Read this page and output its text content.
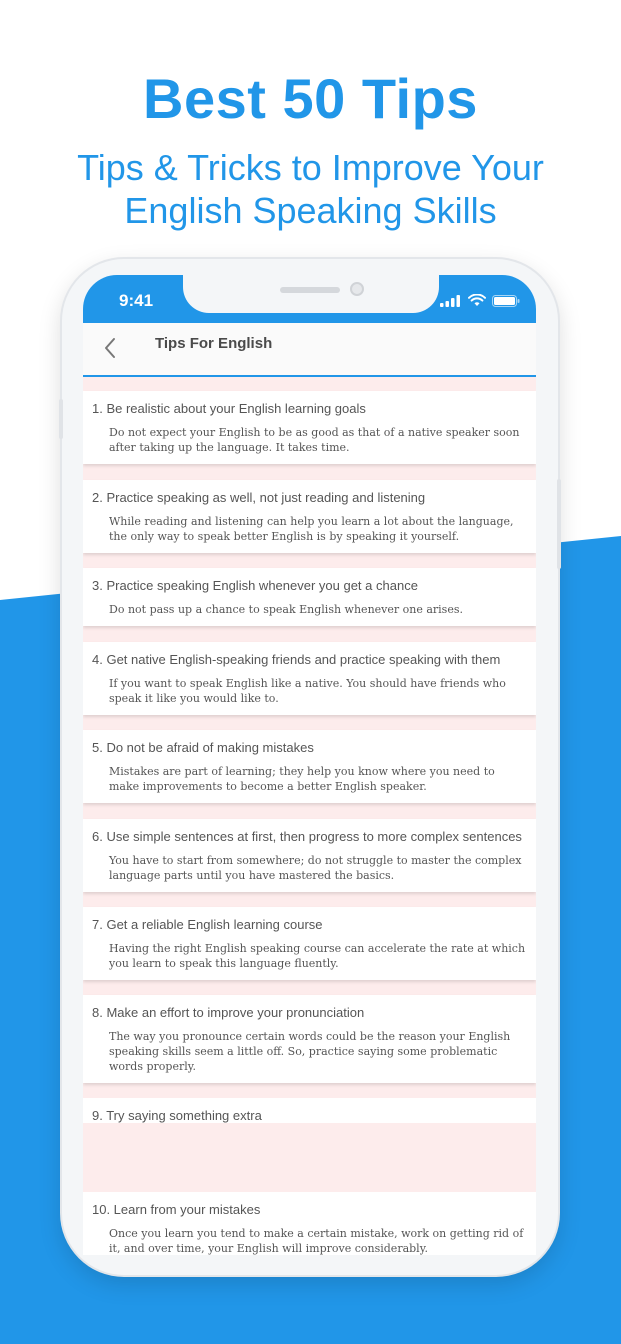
Best 50 Tips
Tips & Tricks to Improve Your
English Speaking Skills
9:41
Tips For English
1. Be realistic about your English learning goals
Do not expect your English to be as good as that of a native speaker soon after taking up the language. It takes time.
2. Practice speaking as well, not just reading and listening
While reading and listening can help you learn a lot about the language, the only way to speak better English is by speaking it yourself.
3. Practice speaking English whenever you get a chance
Do not pass up a chance to speak English whenever one arises.
4. Get native English-speaking friends and practice speaking with them
If you want to speak English like a native. You should have friends who speak it like you would like to.
5. Do not be afraid of making mistakes
Mistakes are part of learning; they help you know where you need to make improvements to become a better English speaker.
6. Use simple sentences at first, then progress to more complex sentences
You have to start from somewhere; do not struggle to master the complex language parts until you have mastered the basics.
7. Get a reliable English learning course
Having the right English speaking course can accelerate the rate at which you learn to speak this language fluently.
8. Make an effort to improve your pronunciation
The way you pronounce certain words could be the reason your English speaking skills seem a little off. So, practice saying some problematic words properly.
9. Try saying something extra
10. Learn from your mistakes
Once you learn you tend to make a certain mistake, work on getting rid of it, and over time, your English will improve considerably.
